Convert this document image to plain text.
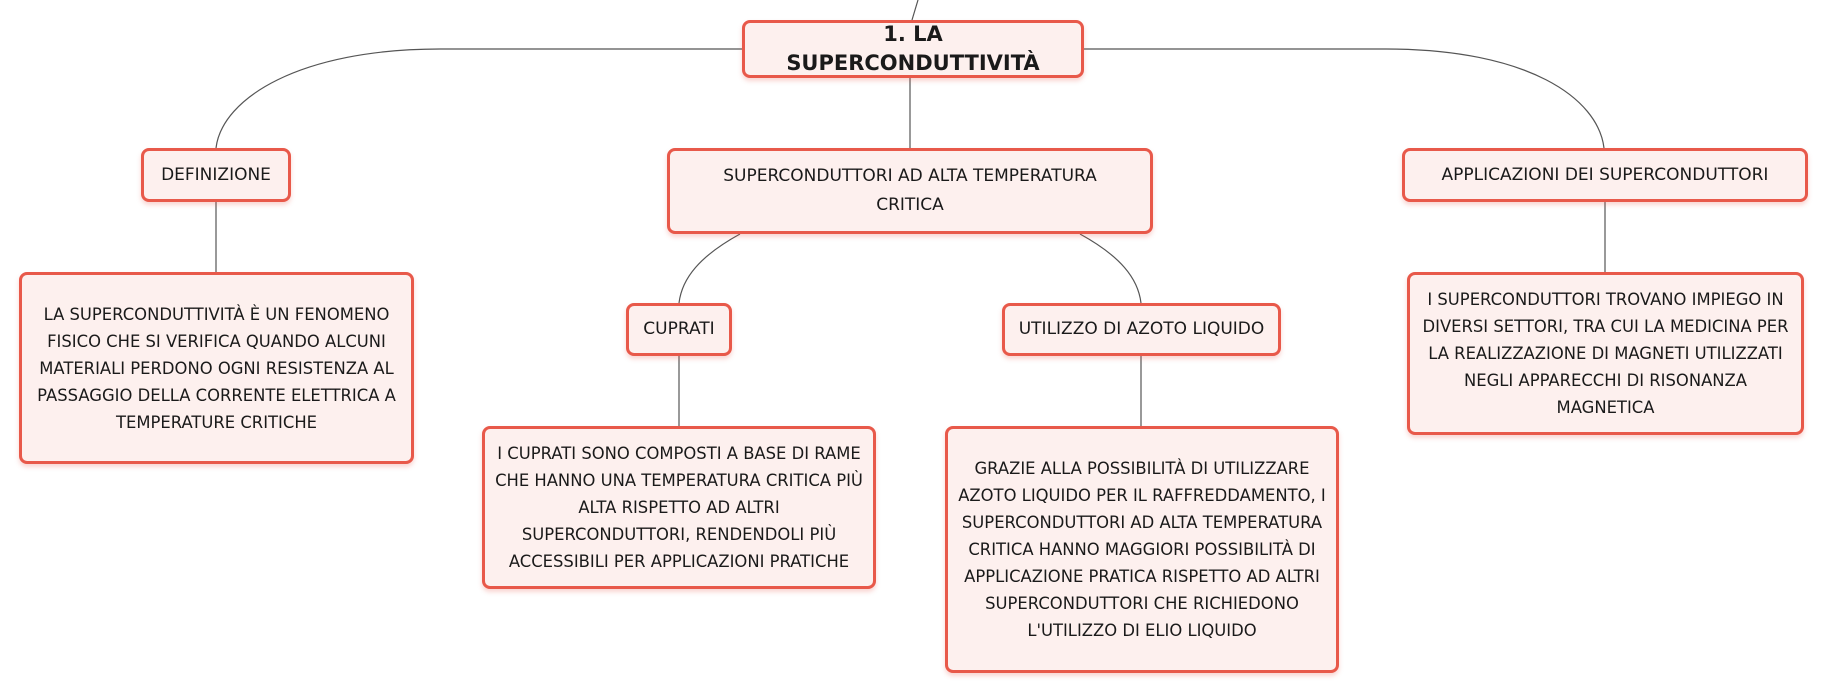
1. LA SUPERCONDUTTIVITÀ
DEFINIZIONE	SUPERCONDUTTORI AD ALTA TEMPERATURA CRITICA
APPLICAZIONI DEI SUPERCONDUTTORI
LA SUPERCONDUTTIVITÀ È UN FENOMENO FISICO CHE SI VERIFICA QUANDO ALCUNI MATERIALI PERDONO OGNI RESISTENZA AL PASSAGGIO DELLA CORRENTE ELETTRICA A TEMPERATURE CRITICHE
CUPRATI	UTILIZZO DI AZOTO LIQUIDO
I SUPERCONDUTTORI TROVANO IMPIEGO IN DIVERSI SETTORI, TRA CUI LA MEDICINA PER LA REALIZZAZIONE DI MAGNETI UTILIZZATI NEGLI APPARECCHI DI RISONANZA MAGNETICA
I CUPRATI SONO COMPOSTI A BASE DI RAME CHE HANNO UNA TEMPERATURA CRITICA PIÙ ALTA RISPETTO AD ALTRI SUPERCONDUTTORI, RENDENDOLI PIÙ ACCESSIBILI PER APPLICAZIONI PRATICHE
GRAZIE ALLA POSSIBILITÀ DI UTILIZZARE AZOTO LIQUIDO PER IL RAFFREDDAMENTO, I SUPERCONDUTTORI AD ALTA TEMPERATURA CRITICA HANNO MAGGIORI POSSIBILITÀ DI APPLICAZIONE PRATICA RISPETTO AD ALTRI SUPERCONDUTTORI CHE RICHIEDONO L'UTILIZZO DI ELIO LIQUIDO
